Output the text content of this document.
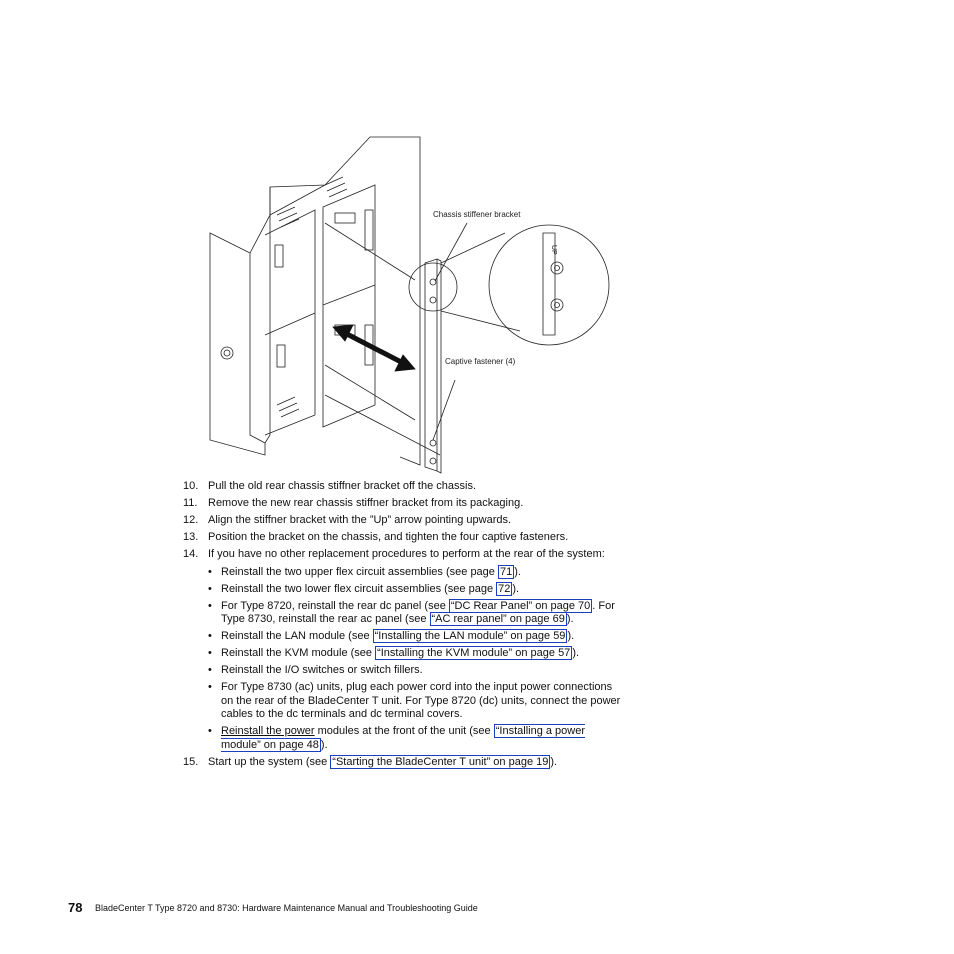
Chassis stiffener bracket
Captive fastener (4)
UP
10. Pull the old rear chassis stiffner bracket off the chassis.
11. Remove the new rear chassis stiffner bracket from its packaging.
12. Align the stiffner bracket with the ”Up” arrow pointing upwards.
13. Position the bracket on the chassis, and tighten the four captive fasteners.
14. If you have no other replacement procedures to perform at the rear of the system:
• Reinstall the two upper flex circuit assemblies (see page 71 ).
• Reinstall the two lower flex circuit assemblies (see page 72 ).
• For Type 8720, reinstall the rear dc panel (see “DC Rear Panel” on page 70 . For Type 8730, reinstall the rear ac panel (see “AC rear panel” on page 69 ).
• Reinstall the LAN module (see “Installing the LAN module” on page 59 ).
• Reinstall the KVM module (see “Installing the KVM module” on page 57 ).
• Reinstall the I/O switches or switch fillers.
• For Type 8730 (ac) units, plug each power cord into the input power connections on the rear of the BladeCenter T unit. For Type 8720 (dc) units, connect the power cables to the dc terminals and dc terminal covers.
• Reinstall the power modules at the front of the unit (see “Installing a power module” on page 48 ).
15. Start up the system (see “Starting the BladeCenter T unit” on page 19 ).
78 BladeCenter T Type 8720 and 8730: Hardware Maintenance Manual and Troubleshooting Guide
